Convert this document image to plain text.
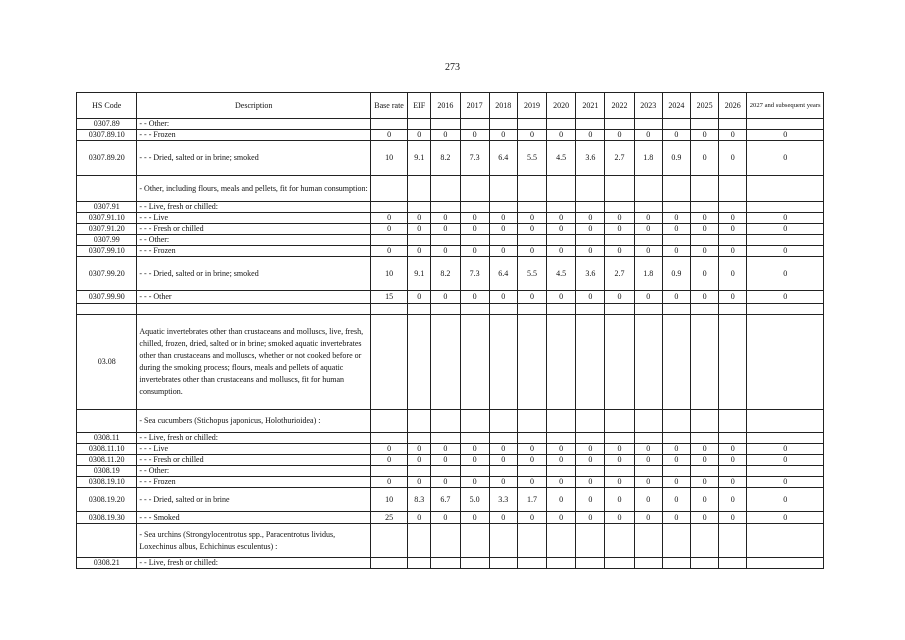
273
HS Code	Description	Base rate	EIF	2016	2017	2018	2019	2020	2021	2022	2023	2024	2025	2026	2027 and subsequent years
0307.89	- - Other:														
0307.89.10	- - - Frozen	0	0	0	0	0	0	0	0	0	0	0	0	0	0
0307.89.20	- - - Dried, salted or in brine; smoked	10	9.1	8.2	7.3	6.4	5.5	4.5	3.6	2.7	1.8	0.9	0	0	0
	- Other, including flours, meals and pellets, fit for human consumption:														
0307.91	- - Live, fresh or chilled:														
0307.91.10	- - - Live	0	0	0	0	0	0	0	0	0	0	0	0	0	0
0307.91.20	- - - Fresh or chilled	0	0	0	0	0	0	0	0	0	0	0	0	0	0
0307.99	- - Other:														
0307.99.10	- - - Frozen	0	0	0	0	0	0	0	0	0	0	0	0	0	0
0307.99.20	- - - Dried, salted or in brine; smoked	10	9.1	8.2	7.3	6.4	5.5	4.5	3.6	2.7	1.8	0.9	0	0	0
0307.99.90	- - - Other	15	0	0	0	0	0	0	0	0	0	0	0	0	0

03.08	Aquatic invertebrates other than crustaceans and molluscs, live, fresh, chilled, frozen, dried, salted or in brine; smoked aquatic invertebrates other than crustaceans and molluscs, whether or not cooked before or during the smoking process; flours, meals and pellets of aquatic invertebrates other than crustaceans and molluscs, fit for human consumption.														
	- Sea cucumbers (Stichopus japonicus, Holothurioidea) :														
0308.11	- - Live, fresh or chilled:														
0308.11.10	- - - Live	0	0	0	0	0	0	0	0	0	0	0	0	0	0
0308.11.20	- - - Fresh or chilled	0	0	0	0	0	0	0	0	0	0	0	0	0	0
0308.19	- - Other:														
0308.19.10	- - - Frozen	0	0	0	0	0	0	0	0	0	0	0	0	0	0
0308.19.20	- - - Dried, salted or in brine	10	8.3	6.7	5.0	3.3	1.7	0	0	0	0	0	0	0	0
0308.19.30	- - - Smoked	25	0	0	0	0	0	0	0	0	0	0	0	0	0
	- Sea urchins (Strongylocentrotus spp., Paracentrotus lividus, Loxechinus albus, Echichinus esculentus) :														
0308.21	- - Live, fresh or chilled:														
